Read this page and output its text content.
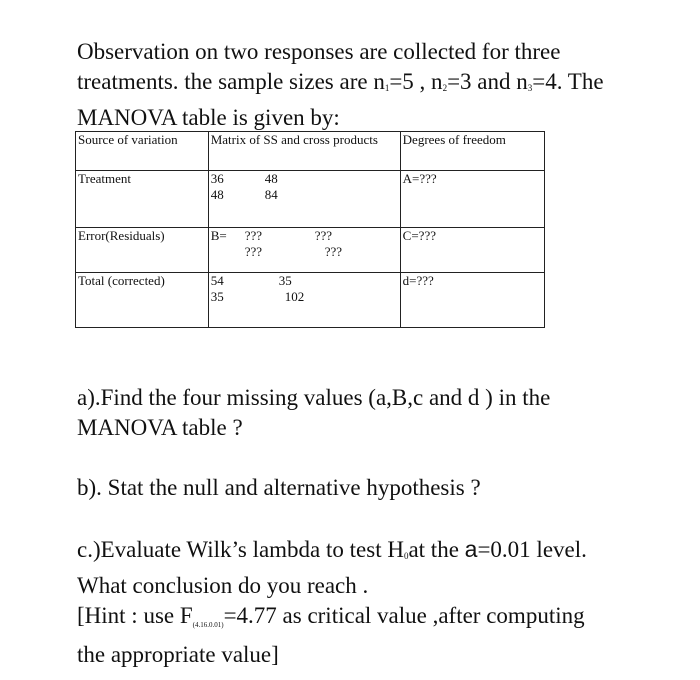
Observation on two responses are collected for three
treatments. the sample sizes are $n_1=5$ , $n_2=3$ and $n_3=4$. The
MANOVA table is given by:
Source of variation	Matrix of SS and cross products	Degrees of freedom
Treatment	36 48
48 84	A=???
Error(Residuals)	B= ??? ???
??? ???	C=???
Total (corrected)	54 35
35 102	d=???
a).Find the four missing values (a,B,c and d ) in the
MANOVA table ?
b). Stat the null and alternative hypothesis ?
c.)Evaluate Wilk’s lambda to test $H_0at$ the a=0.01 level.
What conclusion do you reach .
[Hint : use $F_{(4.16.0.01)}=4.77$ as critical value ,after computing
the appropriate value]
